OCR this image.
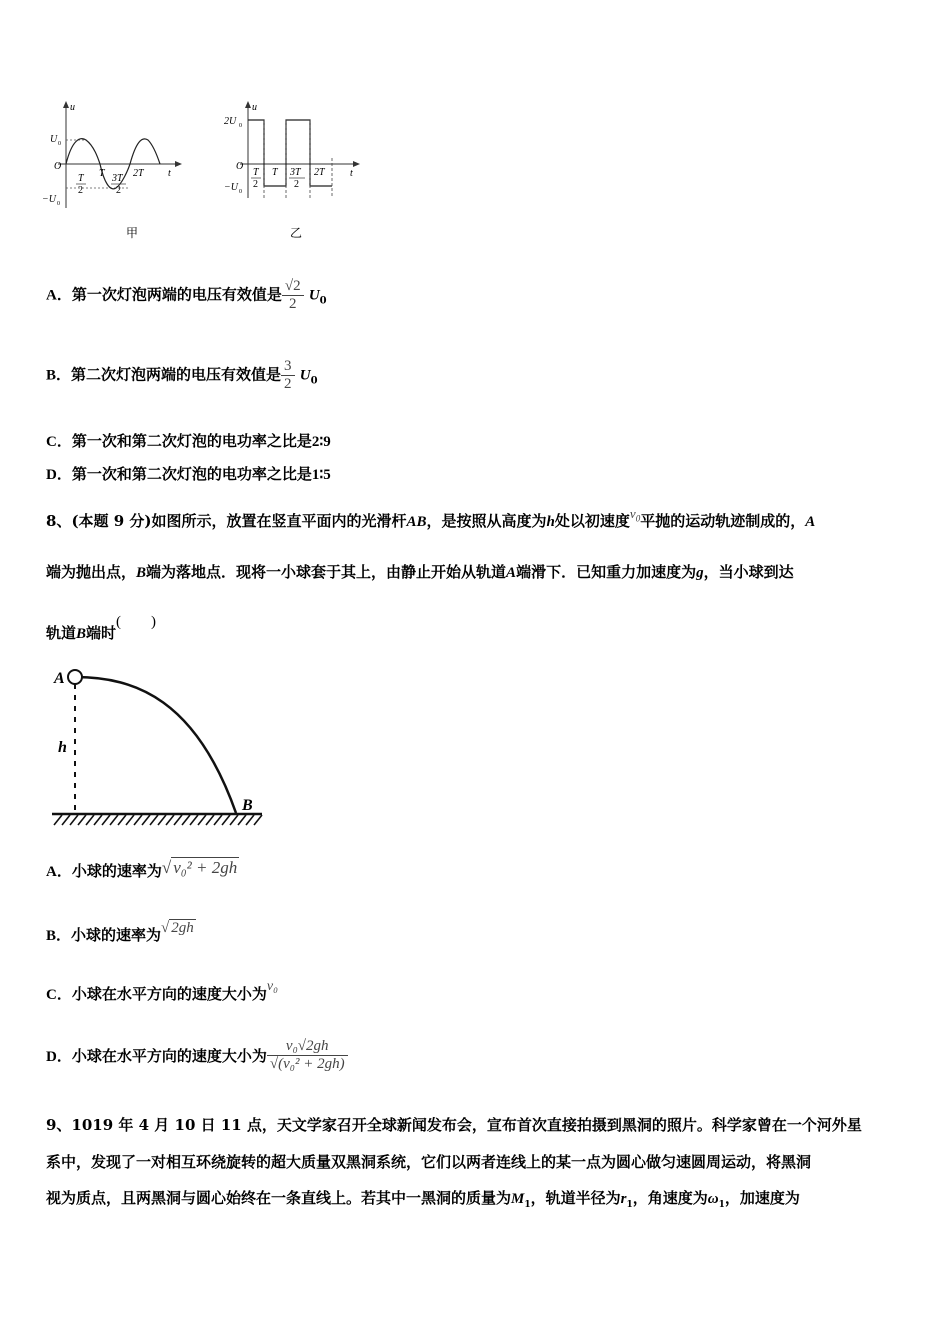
u
t
O
U 0
−U 0
T
2
T 3T
2
2T
甲
u
t
O
2U 0
−U 0
T
2
T 3T
2
2T
乙
A．第一次灯泡两端的电压有效值是 $\frac{√2}{2} U_0$
B．第二次灯泡两端的电压有效值是 $\frac{3}{2} U_0$
C．第一次和第二次灯泡的电功率之比是2∶9
D．第一次和第二次灯泡的电功率之比是1∶5
8、(本题 9 分)如图所示，放置在竖直平面内的光滑杆AB，是按照从高度为h处以初速度$v_0$平抛的运动轨迹制成的，A
端为抛出点，B端为落地点．现将一小球套于其上，由静止开始从轨道A端滑下．已知重力加速度为g，当小球到达
轨道B端时(　　)
A
h
B
A．小球的速率为√ v₀² + 2gh
B．小球的速率为√ 2gh
C．小球在水平方向的速度大小为v₀
D．小球在水平方向的速度大小为 $\frac{\text{v₀√2gh}}{\text{√(v₀² + 2gh)}}$
9、1019 年 4 月 10 日 11 点，天文学家召开全球新闻发布会，宣布首次直接拍摄到黑洞的照片。科学家曾在一个河外星
系中，发现了一对相互环绕旋转的超大质量双黑洞系统，它们以两者连线上的某一点为圆心做匀速圆周运动，将黑洞
视为质点，且两黑洞与圆心始终在一条直线上。若其中一黑洞的质量为$M_1$，轨道半径为$r_1$，角速度为$\omega_1$，加速度为
